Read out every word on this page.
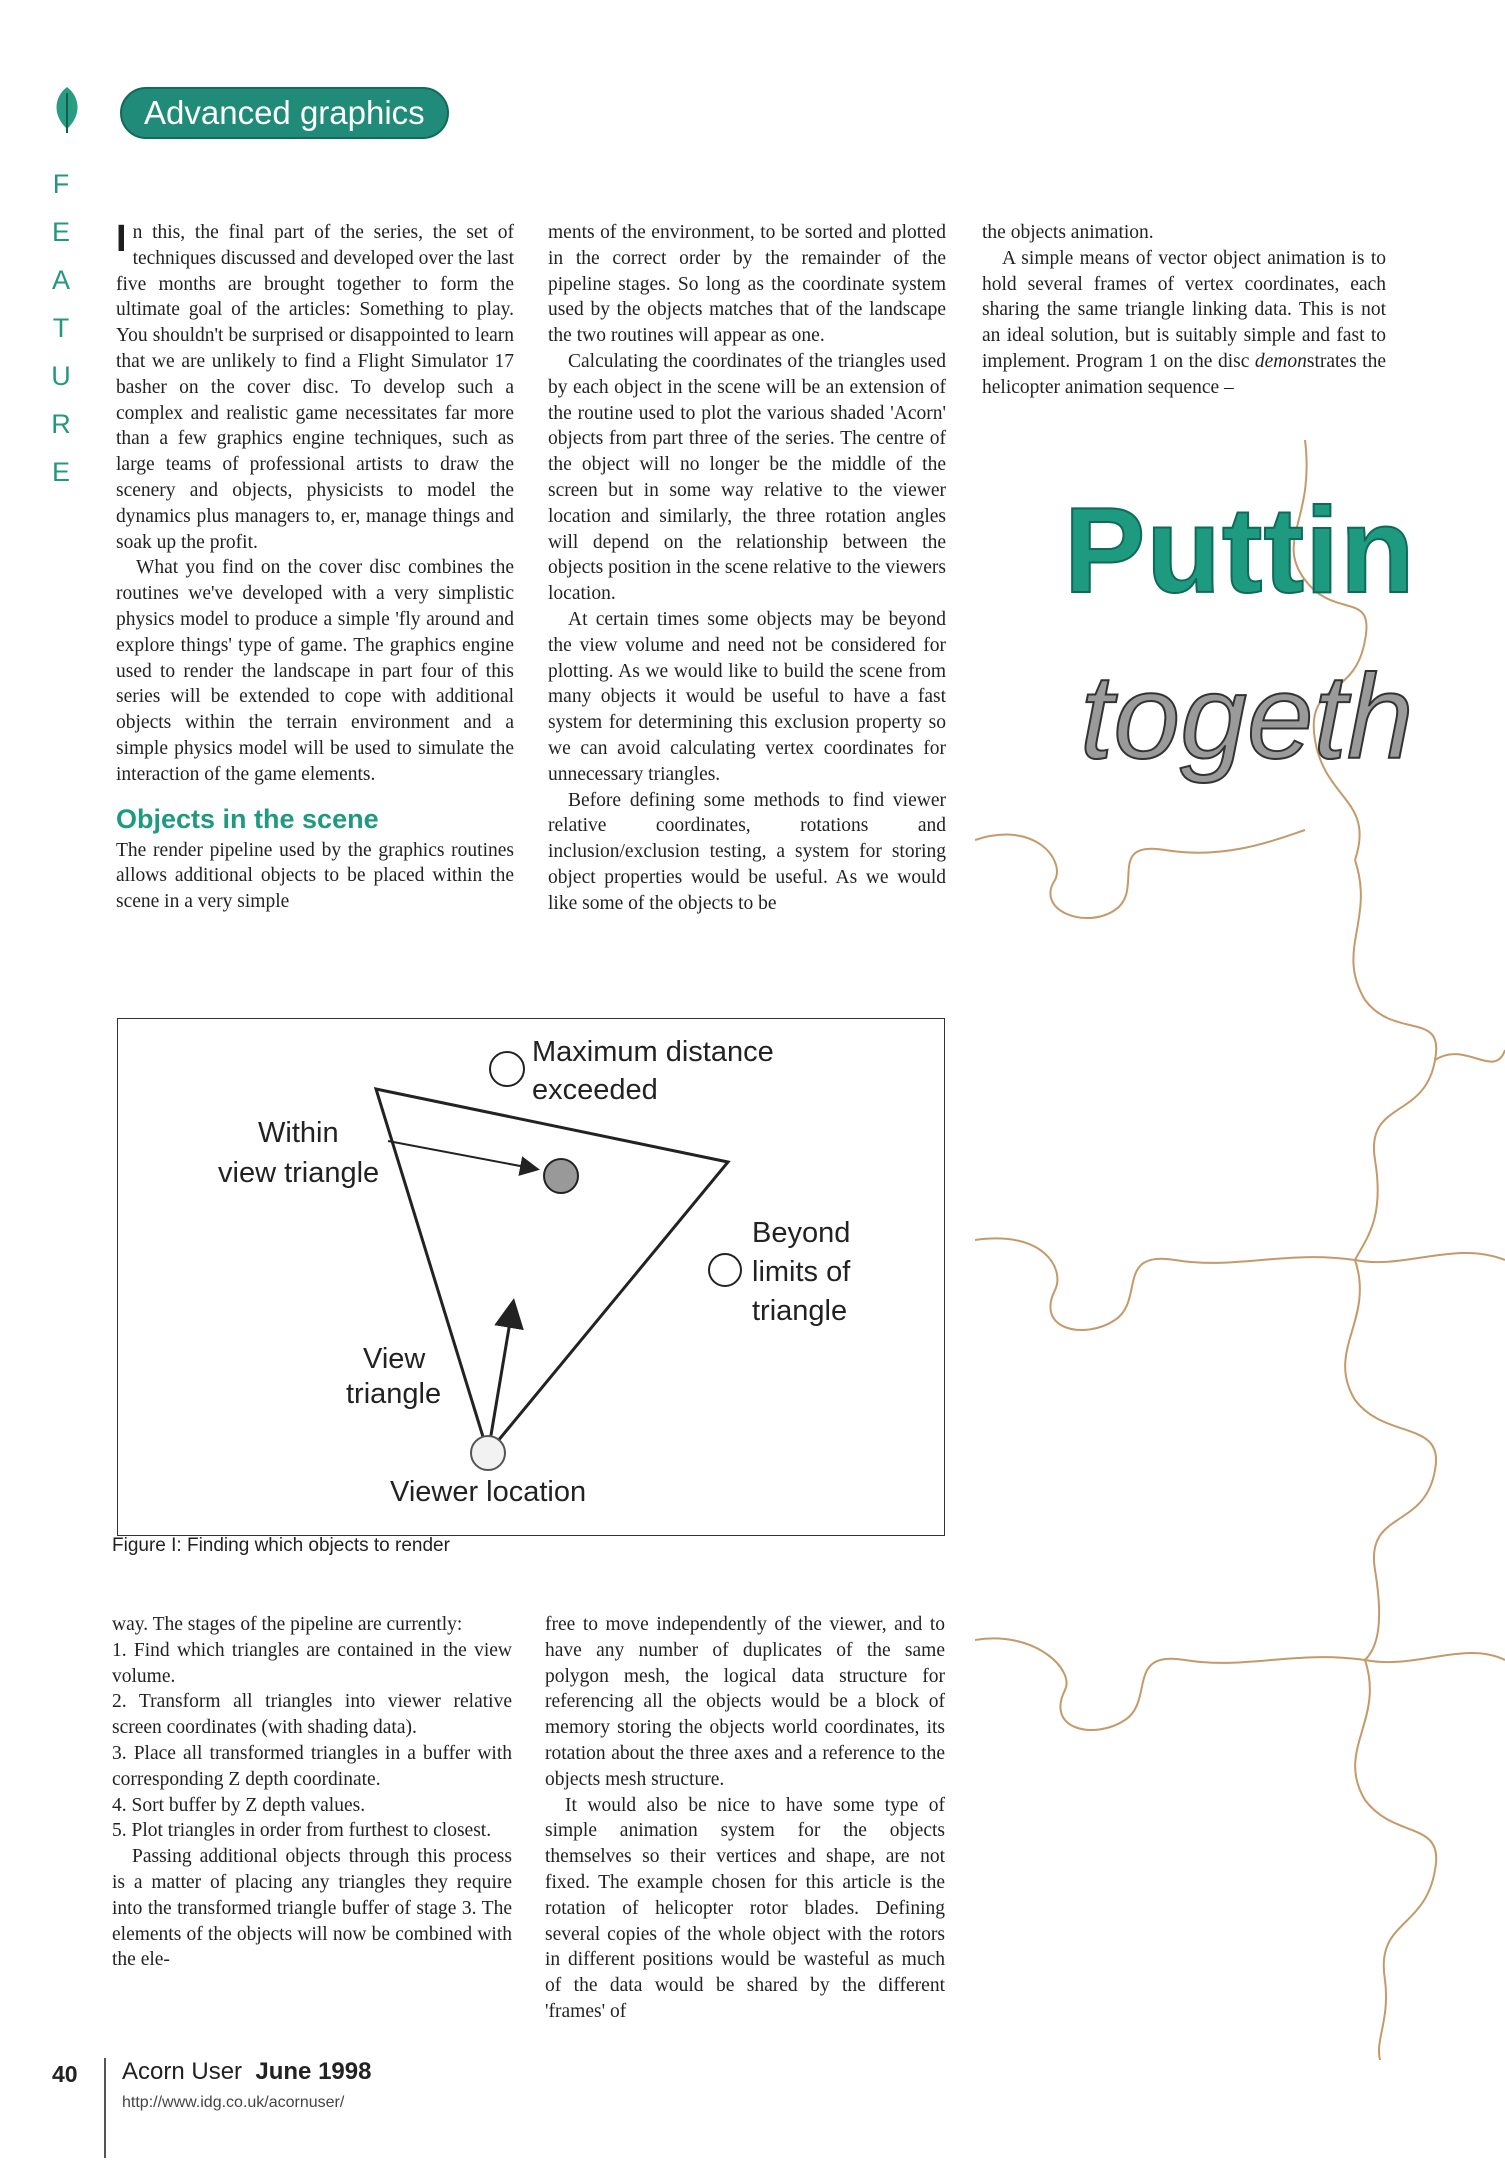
Advanced graphics
F
E
A
T
U
R
E

In this, the final part of the series, the set of techniques discussed and developed over the last five months are brought together to form the ultimate goal of the articles: Something to play. You shouldn't be surprised or disappointed to learn that we are unlikely to find a Flight Simulator 17 basher on the cover disc. To develop such a complex and realistic game necessitates far more than a few graphics engine techniques, such as large teams of professional artists to draw the scenery and objects, physicists to model the dynamics plus managers to, er, manage things and soak up the profit.

What you find on the cover disc combines the routines we've developed with a very simplistic physics model to produce a simple 'fly around and explore things' type of game. The graphics engine used to render the landscape in part four of this series will be extended to cope with additional objects within the terrain environment and a simple physics model will be used to simulate the interaction of the game elements.

Objects in the scene

The render pipeline used by the graphics routines allows additional objects to be placed within the scene in a very simple

ments of the environment, to be sorted and plotted in the correct order by the remainder of the pipeline stages. So long as the coordinate system used by the objects matches that of the landscape the two routines will appear as one.

Calculating the coordinates of the triangles used by each object in the scene will be an extension of the routine used to plot the various shaded 'Acorn' objects from part three of the series. The centre of the object will no longer be the middle of the screen but in some way relative to the viewer location and similarly, the three rotation angles will depend on the relationship between the objects position in the scene relative to the viewers location.

At certain times some objects may be beyond the view volume and need not be considered for plotting. As we would like to build the scene from many objects it would be useful to have a fast system for determining this exclusion property so we can avoid calculating vertex coordinates for unnecessary triangles.

Before defining some methods to find viewer relative coordinates, rotations and inclusion/exclusion testing, a system for storing object properties would be useful. As we would like some of the objects to be

the objects animation.

A simple means of vector object animation is to hold several frames of vertex coordinates, each sharing the same triangle linking data. This is not an ideal solution, but is suitably simple and fast to implement. Program 1 on the disc demonstrates the helicopter animation sequence –

Puttin
togeth
Maximum distance
exceeded
Within
view triangle
Beyond
limits of
triangle
View
triangle
Viewer location
Figure I: Finding which objects to render

way. The stages of the pipeline are currently:

1. Find which triangles are contained in the view volume.

2. Transform all triangles into viewer relative screen coordinates (with shading data).

3. Place all transformed triangles in a buffer with corresponding Z depth coordinate.

4. Sort buffer by Z depth values.

5. Plot triangles in order from furthest to closest.

Passing additional objects through this process is a matter of placing any triangles they require into the transformed triangle buffer of stage 3. The elements of the objects will now be combined with the ele-

free to move independently of the viewer, and to have any number of duplicates of the same polygon mesh, the logical data structure for referencing all the objects would be a block of memory storing the objects world coordinates, its rotation about the three axes and a reference to the objects mesh structure.

It would also be nice to have some type of simple animation system for the objects themselves so their vertices and shape, are not fixed. The example chosen for this article is the rotation of helicopter rotor blades. Defining several copies of the whole object with the rotors in different positions would be wasteful as much of the data would be shared by the different 'frames' of

40 Acorn User June 1998
http://www.idg.co.uk/acornuser/
